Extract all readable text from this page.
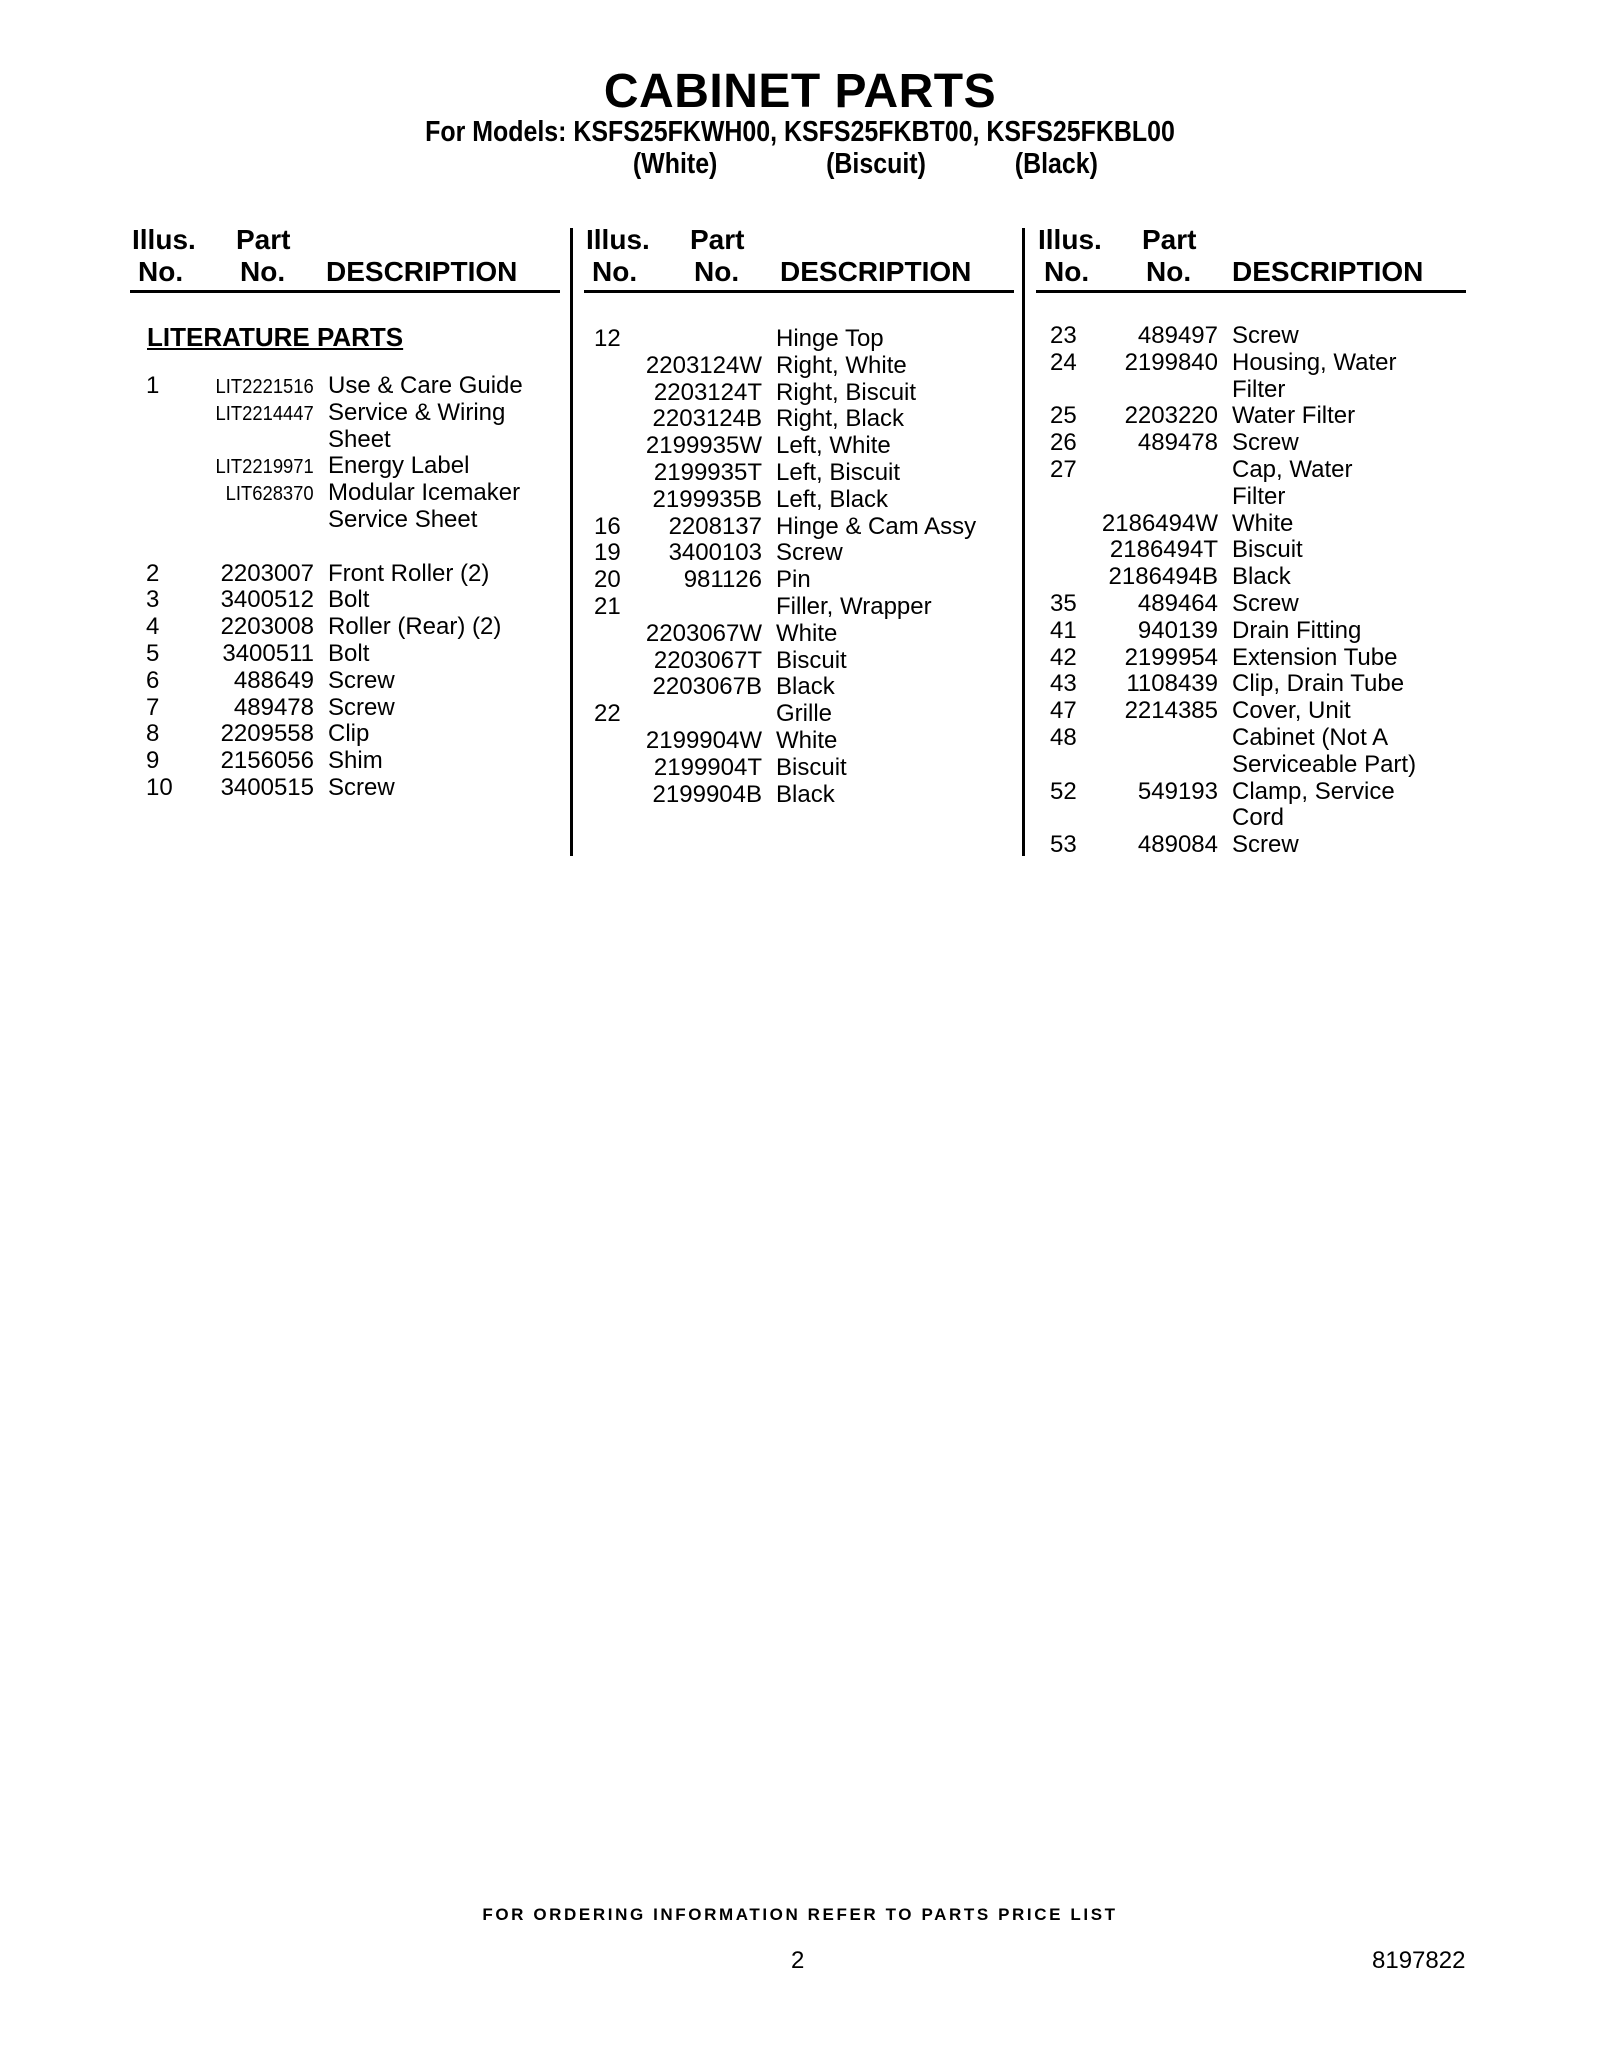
CABINET PARTS
For Models: KSFS25FKWH00, KSFS25FKBT00, KSFS25FKBL00
(White)	(Biscuit)	(Black)
Illus.
No.
Part
No. DESCRIPTION
Illus.
No.
Part
No. DESCRIPTION
Illus.
No.
Part
No. DESCRIPTION
LITERATURE PARTS
1	LIT2221516 Use & Care Guide
LIT2214447 Service & Wiring
Sheet
LIT2219971 Energy Label
LIT628370 Modular Icemaker
Service Sheet
2	2203007 Front Roller (2)
3	3400512 Bolt
4	2203008 Roller (Rear) (2)
5	3400511 Bolt
6	488649 Screw
7	489478 Screw
8	2209558 Clip
9	2156056 Shim
10 3400515 Screw
12	Hinge Top
2203124W Right, White
2203124T Right, Biscuit
2203124B Right, Black
2199935W Left, White
2199935T Left, Biscuit
2199935B Left, Black
16 2208137 Hinge & Cam Assy
19 3400103 Screw
20	981126 Pin
21	Filler, Wrapper
2203067W White
2203067T Biscuit
2203067B Black
22	Grille
2199904W White
2199904T Biscuit
2199904B Black
23	489497 Screw
24 2199840 Housing, Water
Filter
25 2203220 Water Filter
26	489478 Screw
27	Cap, Water
Filter
2186494W White
2186494T Biscuit
2186494B Black
35	489464 Screw
41	940139 Drain Fitting
42 2199954 Extension Tube
43 1108439 Clip, Drain Tube
47 2214385 Cover, Unit
48	Cabinet (Not A
Serviceable Part)
52	549193 Clamp, Service
Cord
53	489084 Screw
FOR ORDERING INFORMATION REFER TO PARTS PRICE LIST
2	8197822
